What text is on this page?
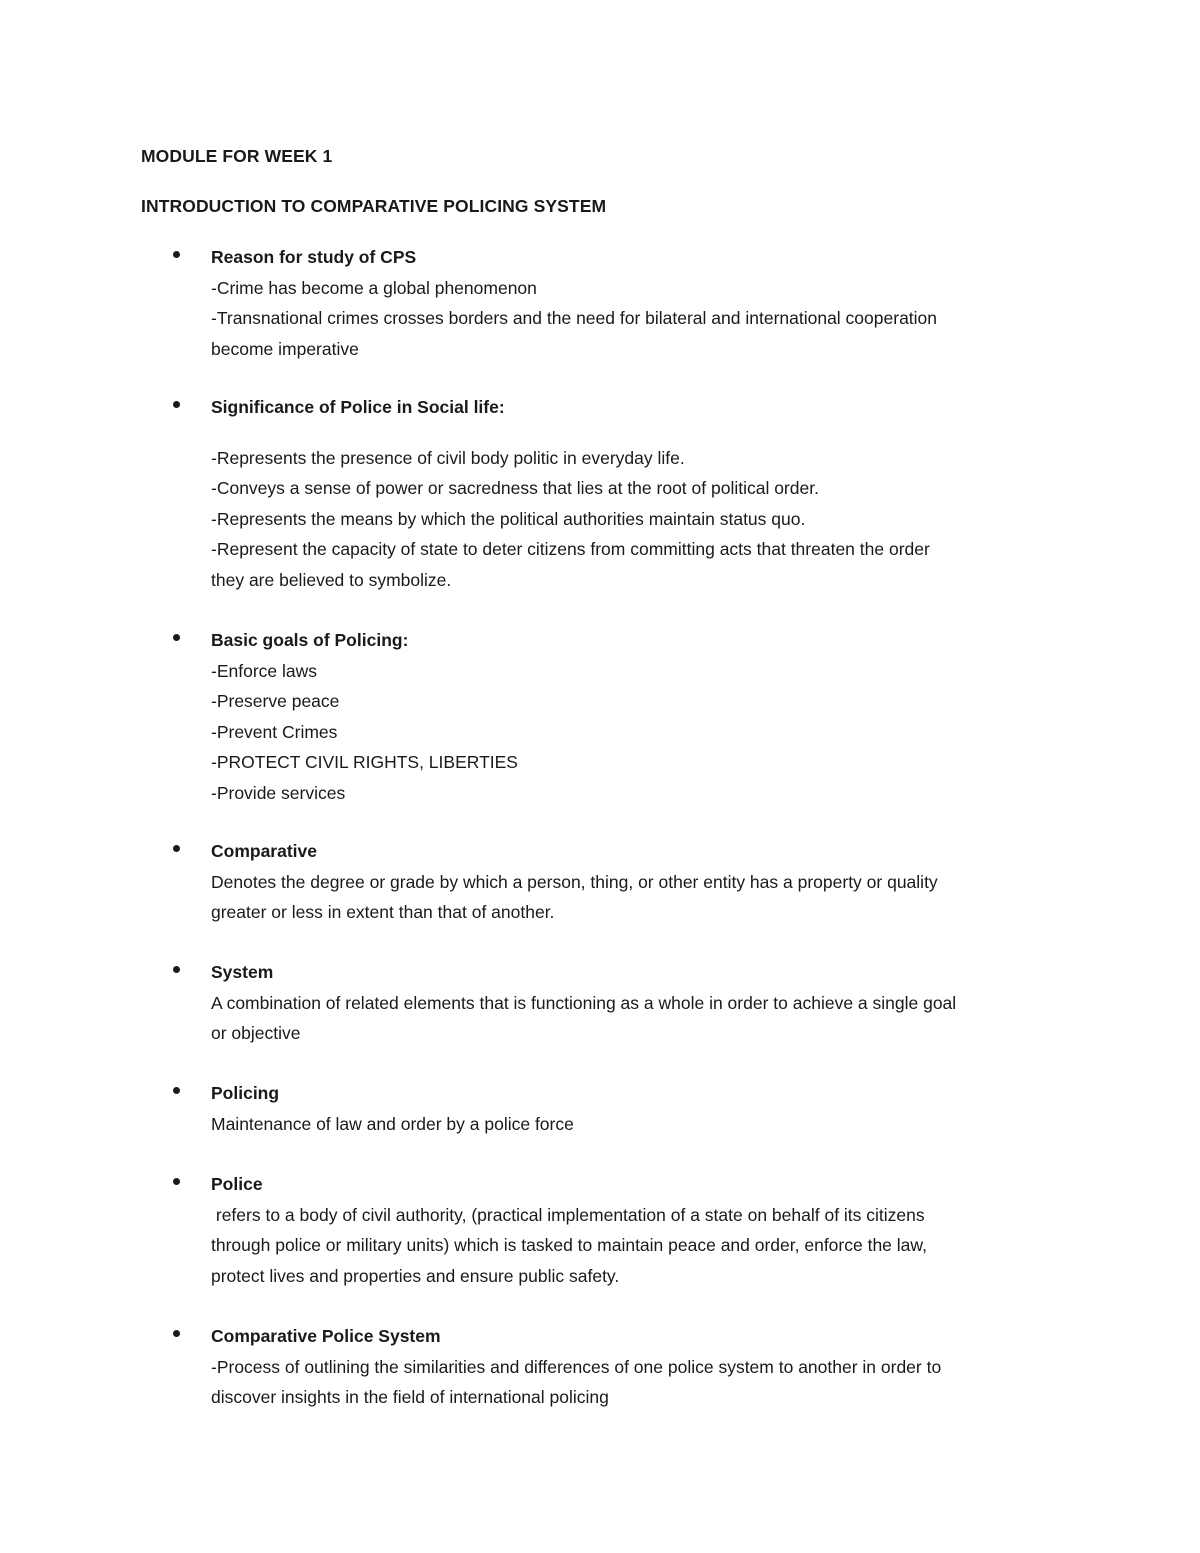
MODULE FOR WEEK 1
INTRODUCTION TO COMPARATIVE POLICING SYSTEM
Reason for study of CPS
-Crime has become a global phenomenon
-Transnational crimes crosses borders and the need for bilateral and international cooperation
become imperative
Significance of Police in Social life:
-Represents the presence of civil body politic in everyday life.
-Conveys a sense of power or sacredness that lies at the root of political order.
-Represents the means by which the political authorities maintain status quo.
-Represent the capacity of state to deter citizens from committing acts that threaten the order
they are believed to symbolize.
Basic goals of Policing:
-Enforce laws
-Preserve peace
-Prevent Crimes
-PROTECT CIVIL RIGHTS, LIBERTIES
-Provide services
Comparative
Denotes the degree or grade by which a person, thing, or other entity has a property or quality
greater or less in extent than that of another.
System
A combination of related elements that is functioning as a whole in order to achieve a single goal
or objective
Policing
Maintenance of law and order by a police force
Police
refers to a body of civil authority, (practical implementation of a state on behalf of its citizens
through police or military units) which is tasked to maintain peace and order, enforce the law,
protect lives and properties and ensure public safety.
Comparative Police System
-Process of outlining the similarities and differences of one police system to another in order to
discover insights in the field of international policing
